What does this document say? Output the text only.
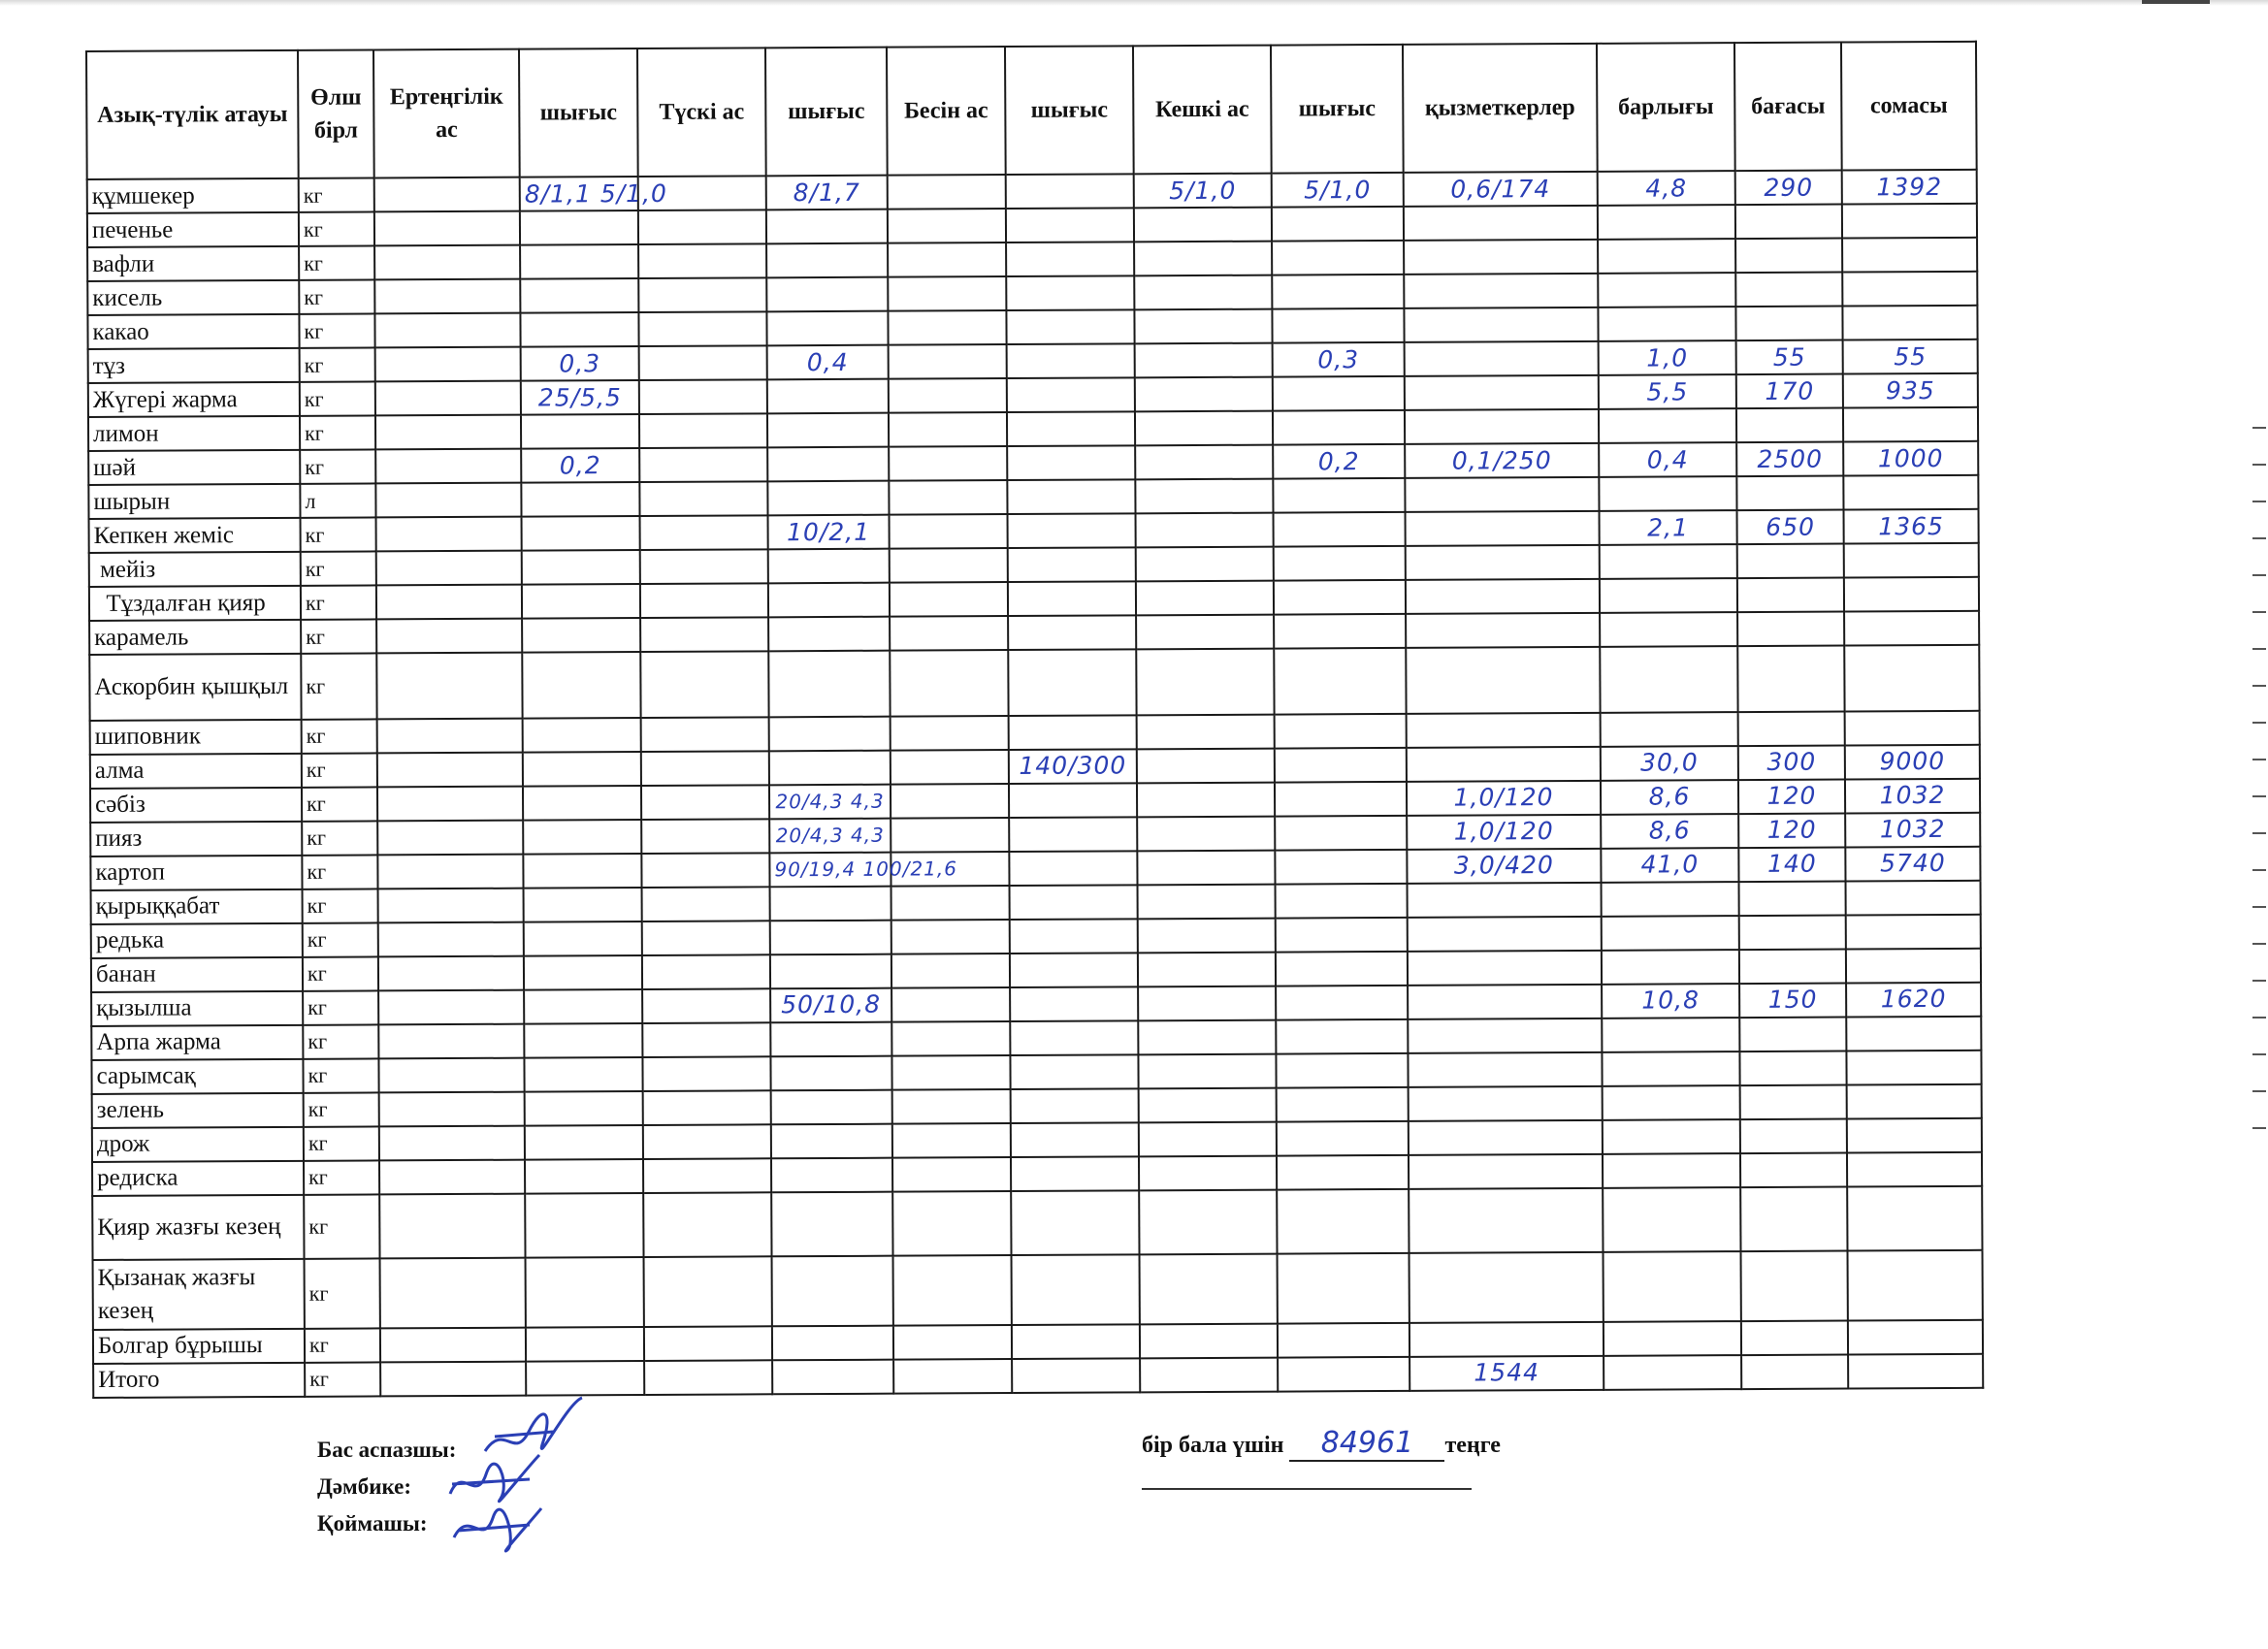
Азық-түлік атауы	Өлш бірл	Ертеңгілік ас	шығыс	Түскі ас	шығыс	Бесін ас	шығыс	Кешкі ас	шығыс	қызметкерлер	барлығы	бағасы	сомасы
құмшекер	кг		8/1,1 5/1,0		8/1,7			5/1,0	5/1,0	0,6/174	4,8	290	1392
печенье	кг												
вафли	кг												
кисель	кг												
какао	кг												
тұз	кг		0,3		0,4				0,3		1,0	55	55
Жүгері жарма	кг		25/5,5								5,5	170	935
лимон	кг												
шәй	кг		0,2						0,2	0,1/250	0,4	2500	1000
шырын	л												
Кепкен жеміс	кг				10/2,1						2,1	650	1365
мейіз	кг												
Тұздалған қияр	кг												
карамель	кг												
Аскорбин қышқыл	кг												
шиповник	кг												
алма	кг						140/300				30,0	300	9000
сәбіз	кг				20/4,3 4,3					1,0/120	8,6	120	1032
пияз	кг				20/4,3 4,3					1,0/120	8,6	120	1032
картоп	кг				90/19,4 100/21,6					3,0/420	41,0	140	5740
қырыққабат	кг												
редька	кг												
банан	кг												
қызылша	кг				50/10,8						10,8	150	1620
Арпа жарма	кг												
сарымсақ	кг												
зелень	кг												
дрож	кг												
редиска	кг												
Қияр жазғы кезең	кг												
Қызанақ жазғы кезең	кг												
Болгар бұрышы	кг												
Итого	кг									1544			
Бас аспазшы:
Дәмбике:
Қоймашы:
бір бала үшін 84961 теңге
